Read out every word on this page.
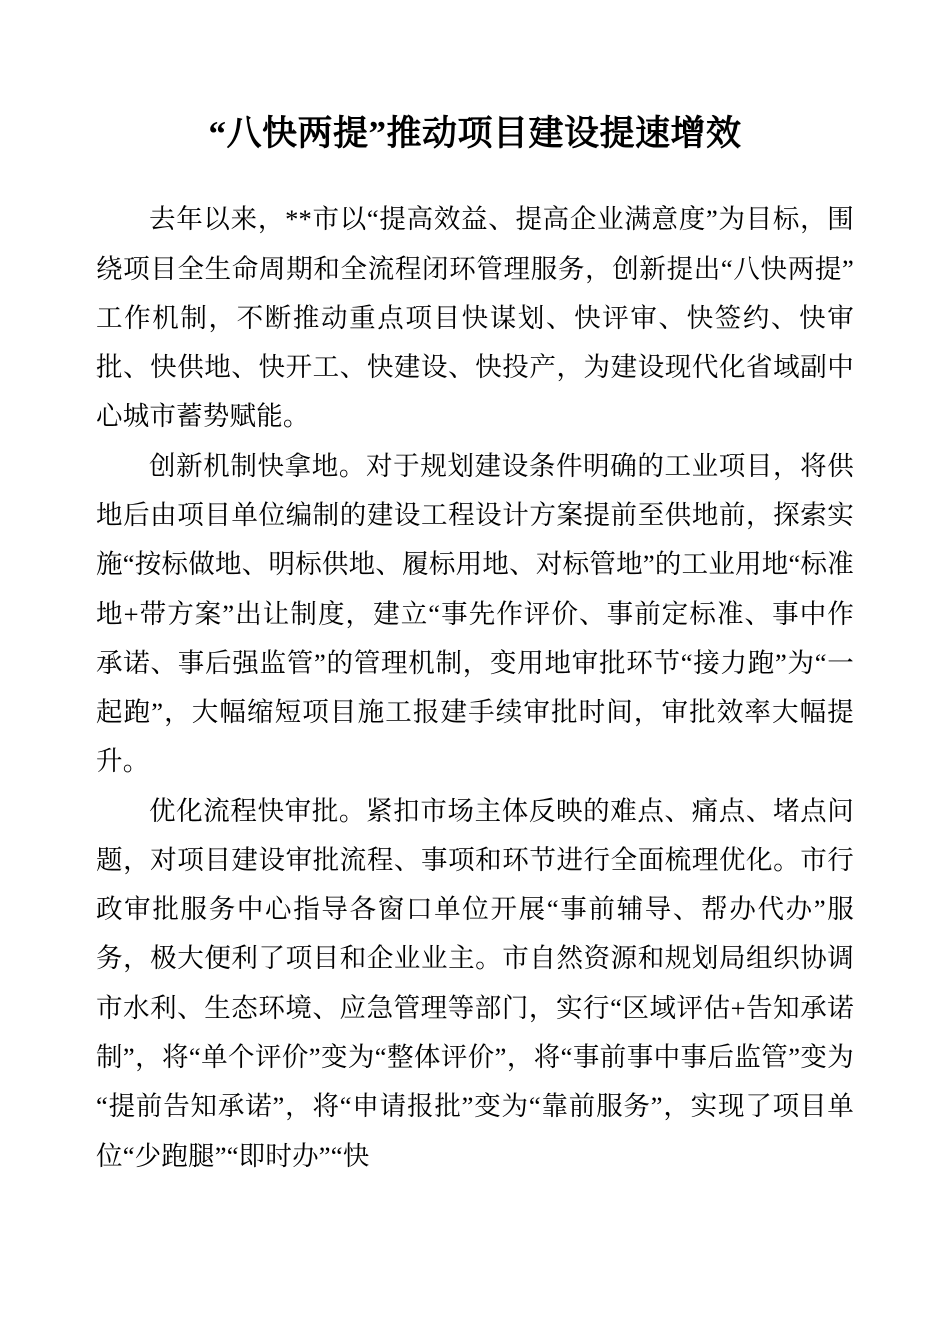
“八快两提”推动项目建设提速增效

去年以来，**市以“提高效益、提高企业满意度”为目标，围绕项目全生命周期和全流程闭环管理服务，创新提出“八快两提”工作机制，不断推动重点项目快谋划、快评审、快签约、快审批、快供地、快开工、快建设、快投产，为建设现代化省域副中心城市蓄势赋能。

创新机制快拿地。对于规划建设条件明确的工业项目，将供地后由项目单位编制的建设工程设计方案提前至供地前，探索实施“按标做地、明标供地、履标用地、对标管地”的工业用地“标准地+带方案”出让制度，建立“事先作评价、事前定标准、事中作承诺、事后强监管”的管理机制，变用地审批环节“接力跑”为“一起跑”，大幅缩短项目施工报建手续审批时间，审批效率大幅提升。

优化流程快审批。紧扣市场主体反映的难点、痛点、堵点问题，对项目建设审批流程、事项和环节进行全面梳理优化。市行政审批服务中心指导各窗口单位开展“事前辅导、帮办代办”服务，极大便利了项目和企业业主。市自然资源和规划局组织协调市水利、生态环境、应急管理等部门，实行“区域评估+告知承诺制”，将“单个评价”变为“整体评价”，将“事前事中事后监管”变为“提前告知承诺”，将“申请报批”变为“靠前服务”，实现了项目单位“少跑腿”“即时办”“快
